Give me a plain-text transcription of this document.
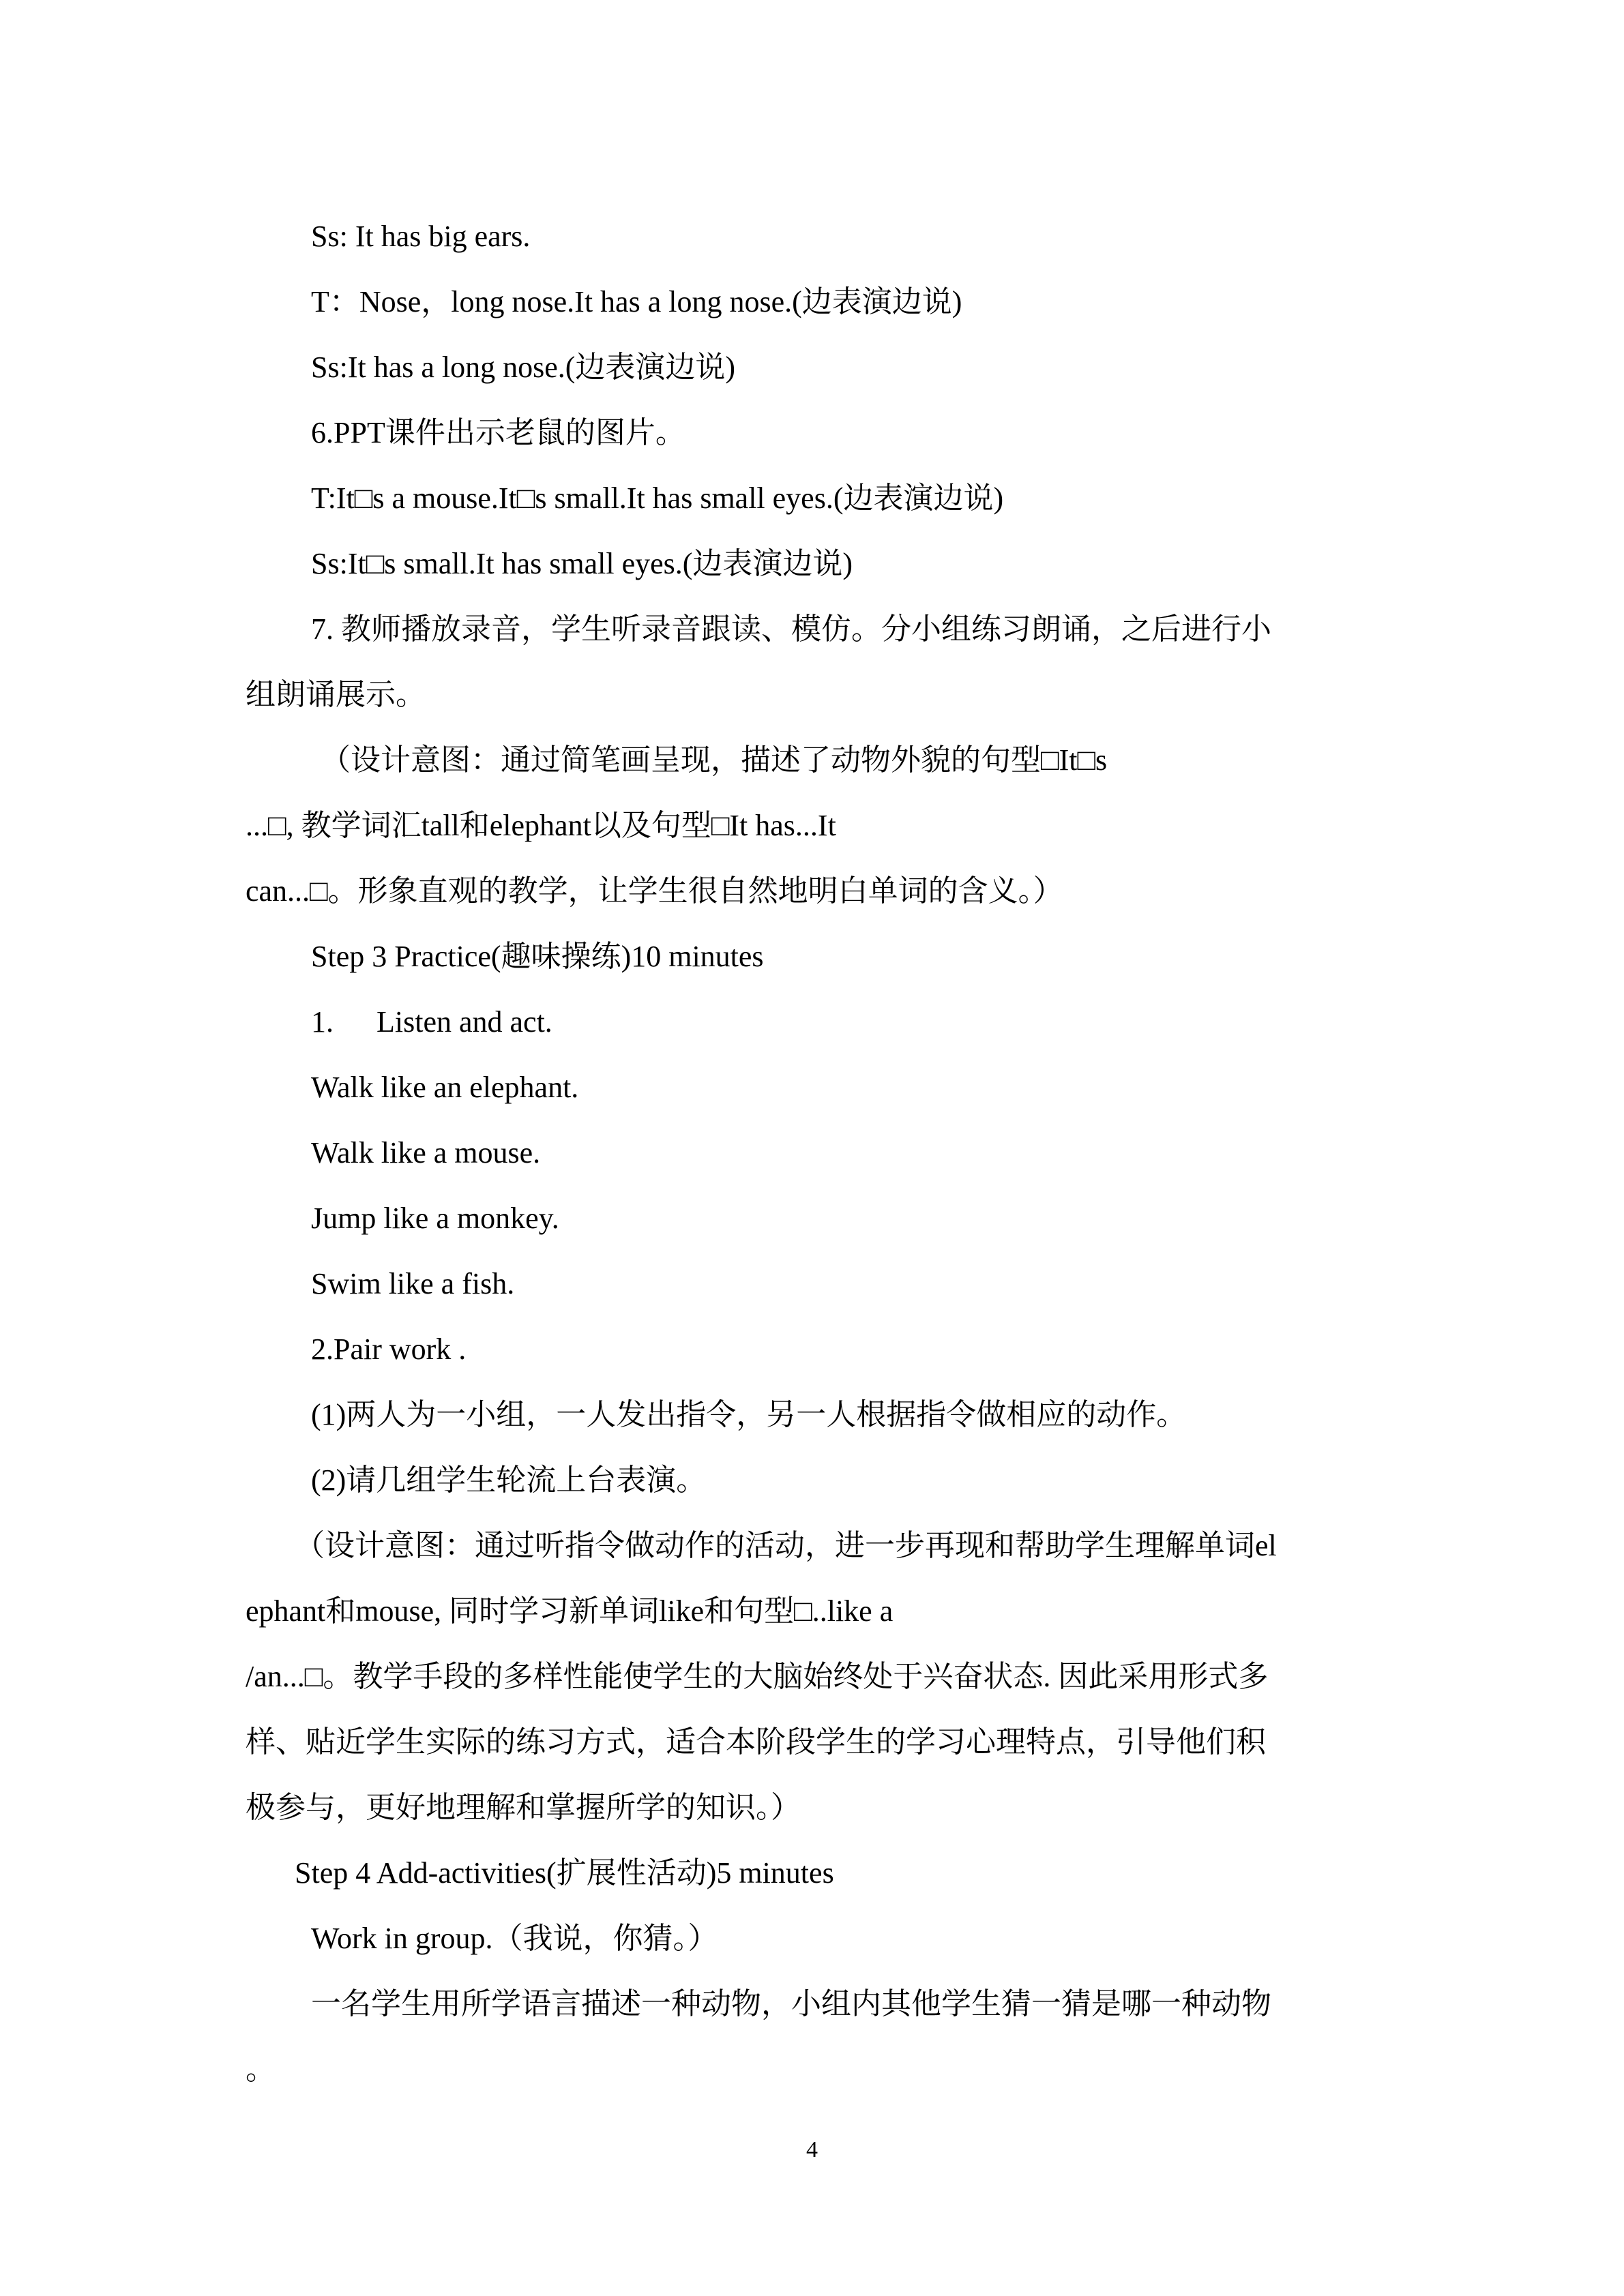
Ss: It has big ears.

T：Nose，long nose.It has a long nose.(边表演边说)

Ss:It has a long nose.(边表演边说)

6.PPT课件出示老鼠的图片。

T:It□s a mouse.It□s small.It has small eyes.(边表演边说)

Ss:It□s small.It has small eyes.(边表演边说)

7. 教师播放录音，学生听录音跟读、模仿。分小组练习朗诵，之后进行小

组朗诵展示。

（设计意图：通过简笔画呈现，描述了动物外貌的句型□It□s

...□, 教学词汇tall和elephant以及句型□It has...It

can...□。形象直观的教学，让学生很自然地明白单词的含义。）

Step 3 Practice(趣味操练)10 minutes

1. Listen and act.

Walk like an elephant.

Walk like a mouse.

Jump like a monkey.

Swim like a fish.

2.Pair work .

(1)两人为一小组，一人发出指令，另一人根据指令做相应的动作。

(2)请几组学生轮流上台表演。

（设计意图：通过听指令做动作的活动，进一步再现和帮助学生理解单词el

ephant和mouse, 同时学习新单词like和句型□..like a

/an...□。教学手段的多样性能使学生的大脑始终处于兴奋状态. 因此采用形式多

样、贴近学生实际的练习方式，适合本阶段学生的学习心理特点，引导他们积

极参与，更好地理解和掌握所学的知识。）

Step 4 Add-activities(扩展性活动)5 minutes

Work in group.（我说，你猜。）

一名学生用所学语言描述一种动物，小组内其他学生猜一猜是哪一种动物

。

4
